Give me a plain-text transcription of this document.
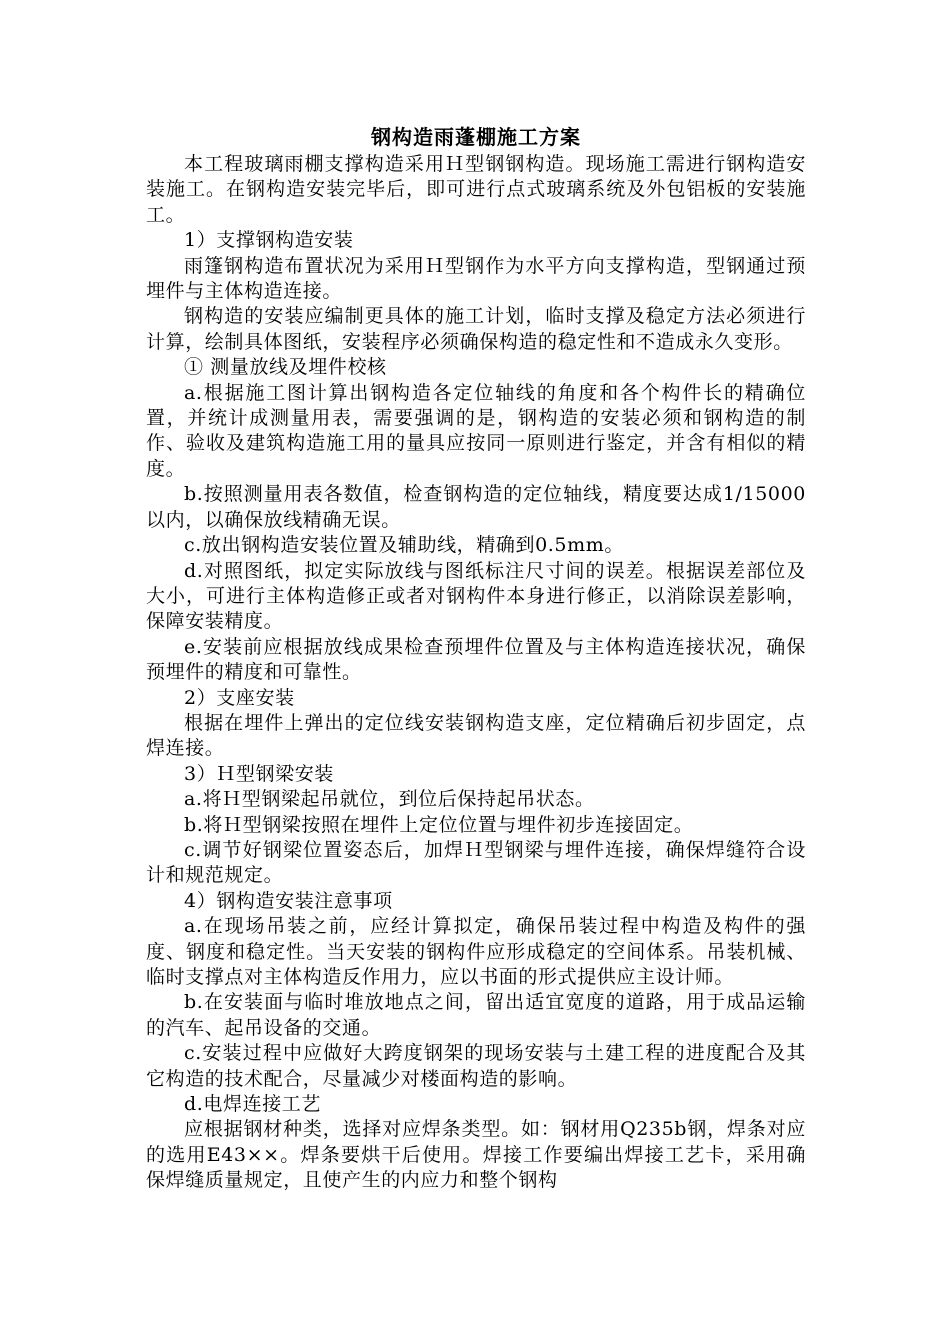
钢构造雨蓬棚施工方案

本工程玻璃雨棚支撑构造采用Ｈ型钢钢构造。现场施工需进行钢构造安装施工。在钢构造安装完毕后，即可进行点式玻璃系统及外包铝板的安装施工。

1）支撑钢构造安装

雨篷钢构造布置状况为采用Ｈ型钢作为水平方向支撑构造，型钢通过预埋件与主体构造连接。

钢构造的安装应编制更具体的施工计划，临时支撑及稳定方法必须进行计算，绘制具体图纸，安装程序必须确保构造的稳定性和不造成永久变形。

① 测量放线及埋件校核

a.根据施工图计算出钢构造各定位轴线的角度和各个构件长的精确位置，并统计成测量用表，需要强调的是，钢构造的安装必须和钢构造的制作、验收及建筑构造施工用的量具应按同一原则进行鉴定，并含有相似的精度。

b.按照测量用表各数值，检查钢构造的定位轴线，精度要达成1/15000以内，以确保放线精确无误。

c.放出钢构造安装位置及辅助线，精确到0.5mm。

d.对照图纸，拟定实际放线与图纸标注尺寸间的误差。根据误差部位及大小，可进行主体构造修正或者对钢构件本身进行修正，以消除误差影响，保障安装精度。

e.安装前应根据放线成果检查预埋件位置及与主体构造连接状况，确保预埋件的精度和可靠性。

2）支座安装

根据在埋件上弹出的定位线安装钢构造支座，定位精确后初步固定，点焊连接。

3）Ｈ型钢梁安装

a.将Ｈ型钢梁起吊就位，到位后保持起吊状态。

b.将Ｈ型钢梁按照在埋件上定位位置与埋件初步连接固定。

c.调节好钢梁位置姿态后，加焊Ｈ型钢梁与埋件连接，确保焊缝符合设计和规范规定。

4）钢构造安装注意事项

a.在现场吊装之前，应经计算拟定，确保吊装过程中构造及构件的强度、钢度和稳定性。当天安装的钢构件应形成稳定的空间体系。吊装机械、临时支撑点对主体构造反作用力，应以书面的形式提供应主设计师。

b.在安装面与临时堆放地点之间，留出适宜宽度的道路，用于成品运输的汽车、起吊设备的交通。

c.安装过程中应做好大跨度钢架的现场安装与土建工程的进度配合及其它构造的技术配合，尽量减少对楼面构造的影响。

d.电焊连接工艺

应根据钢材种类，选择对应焊条类型。如：钢材用Q235b钢，焊条对应的选用E43××。焊条要烘干后使用。焊接工作要编出焊接工艺卡，采用确保焊缝质量规定，且使产生的内应力和整个钢构
